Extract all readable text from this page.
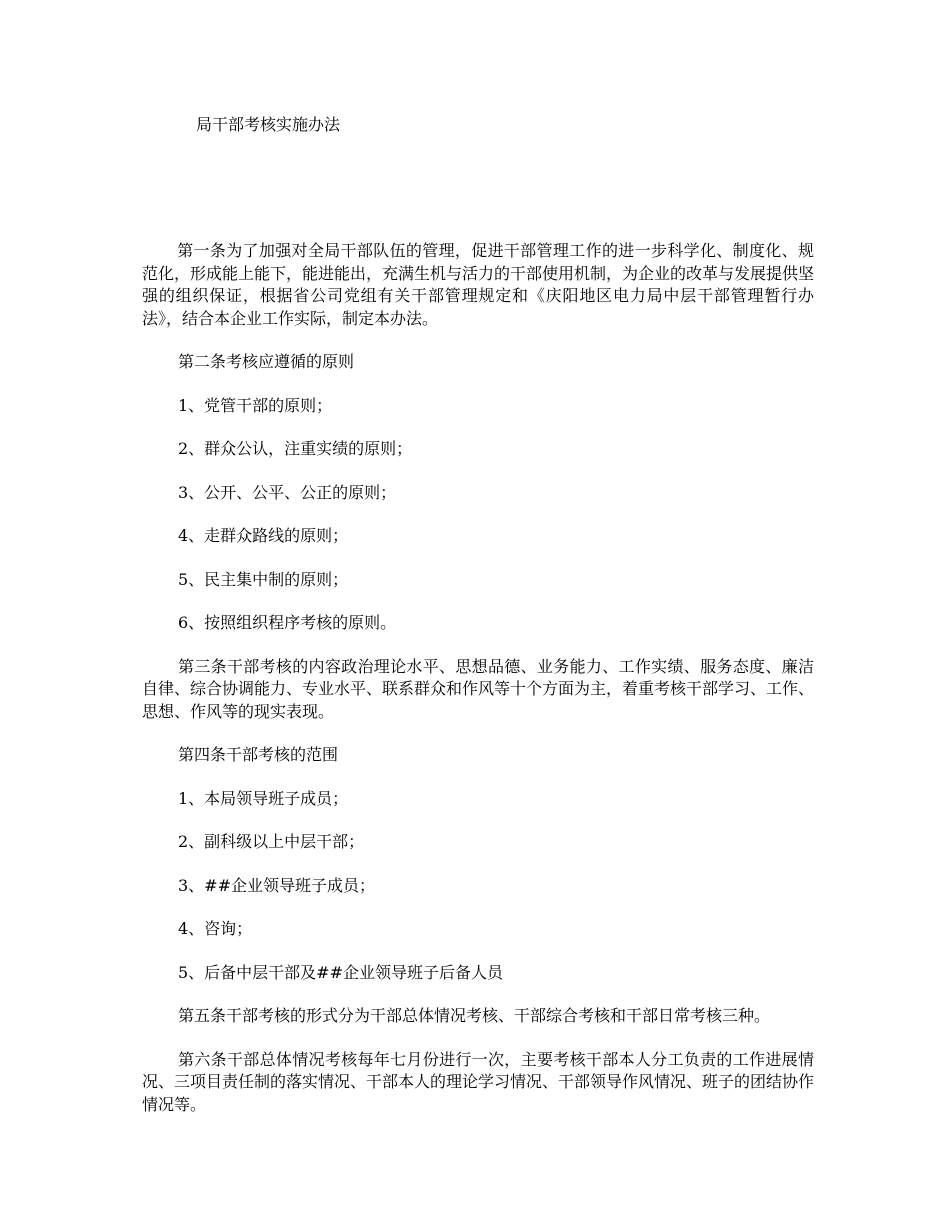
局干部考核实施办法

第一条为了加强对全局干部队伍的管理，促进干部管理工作的进一步科学化、制度化、规范化，形成能上能下，能进能出，充满生机与活力的干部使用机制，为企业的改革与发展提供坚强的组织保证，根据省公司党组有关干部管理规定和《庆阳地区电力局中层干部管理暂行办法》，结合本企业工作实际，制定本办法。

第二条考核应遵循的原则

1、党管干部的原则；

2、群众公认，注重实绩的原则；

3、公开、公平、公正的原则；

4、走群众路线的原则；

5、民主集中制的原则；

6、按照组织程序考核的原则。

第三条干部考核的内容政治理论水平、思想品德、业务能力、工作实绩、服务态度、廉洁自律、综合协调能力、专业水平、联系群众和作风等十个方面为主，着重考核干部学习、工作、思想、作风等的现实表现。

第四条干部考核的范围

1、本局领导班子成员；

2、副科级以上中层干部；

3、##企业领导班子成员；

4、咨询；

5、后备中层干部及##企业领导班子后备人员

第五条干部考核的形式分为干部总体情况考核、干部综合考核和干部日常考核三种。

第六条干部总体情况考核每年七月份进行一次，主要考核干部本人分工负责的工作进展情况、三项目责任制的落实情况、干部本人的理论学习情况、干部领导作风情况、班子的团结协作情况等。
